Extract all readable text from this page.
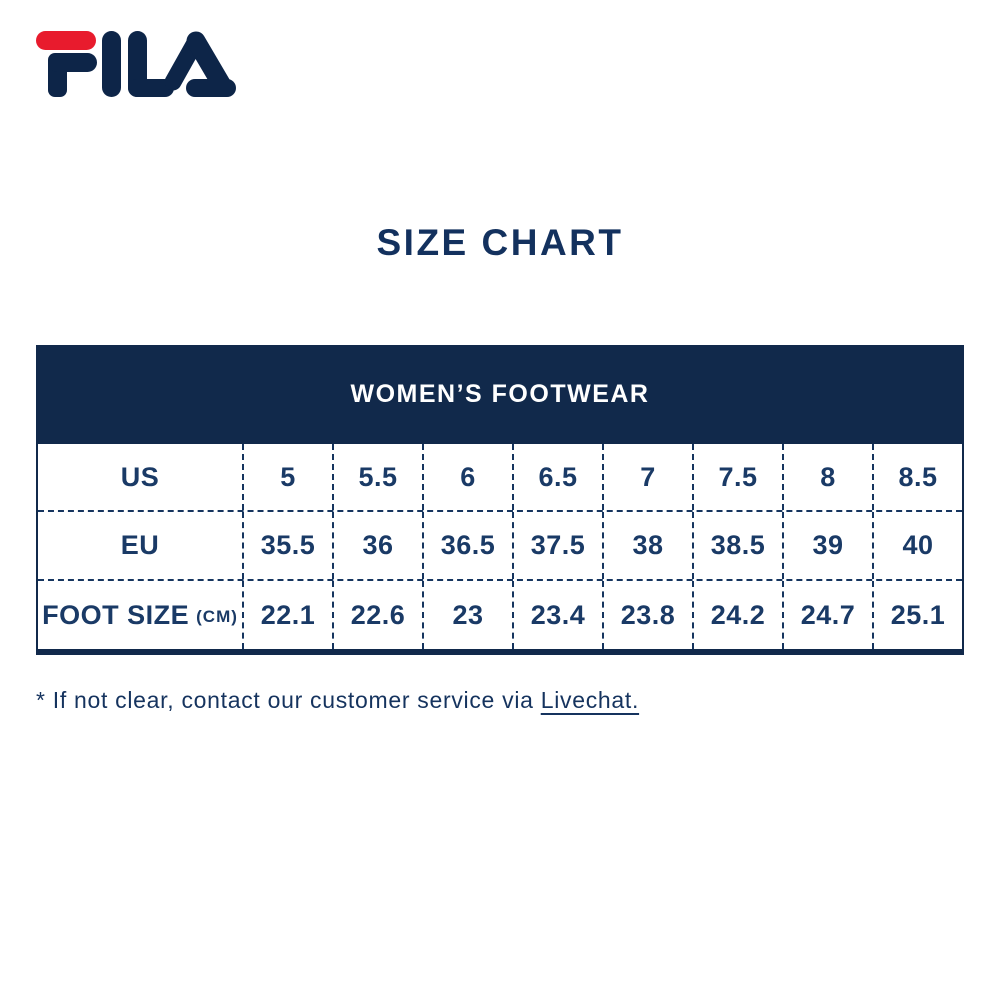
SIZE CHART
WOMEN’S FOOTWEAR
US	5	5.5	6	6.5	7	7.5	8	8.5
EU	35.5	36	36.5	37.5	38	38.5	39	40
FOOT SIZE (CM) 22.1	22.6	23	23.4	23.8	24.2	24.7	25.1
* If not clear, contact our customer service via Livechat.
